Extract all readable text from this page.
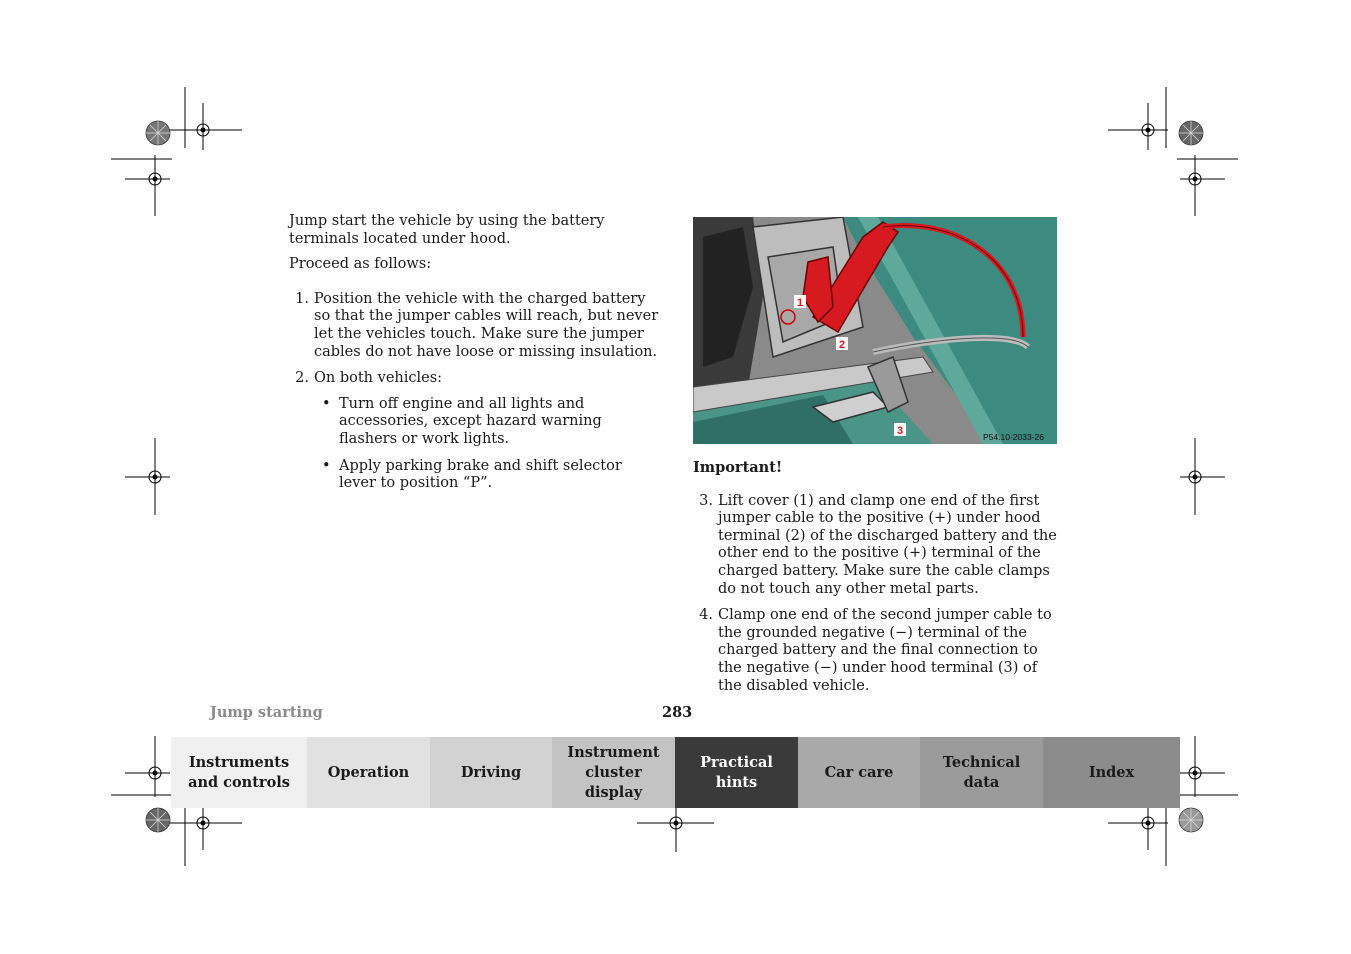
Jump start the vehicle by using the battery terminals located under hood.

Proceed as follows:

1. Position the vehicle with the charged battery so that the jumper cables will reach, but never let the vehicles touch. Make sure the jumper cables do not have loose or missing insulation.
2. On both vehicles:
• Turn off engine and all lights and accessories, except hazard warning flashers or work lights.
• Apply parking brake and shift selector lever to position “P”.
1
2
3	P54.10-2033-26
Important!
3. Lift cover (1) and clamp one end of the first jumper cable to the positive (+) under hood terminal (2) of the discharged battery and the other end to the positive (+) terminal of the charged battery. Make sure the cable clamps do not touch any other metal parts.
4. Clamp one end of the second jumper cable to the grounded negative (−) terminal of the charged battery and the final connection to the negative (−) under hood terminal (3) of the disabled vehicle.
Jump starting	283
Instruments and controls
Operation	Driving
Instrument cluster display
Practical hints
Car care
Technical data
Index
